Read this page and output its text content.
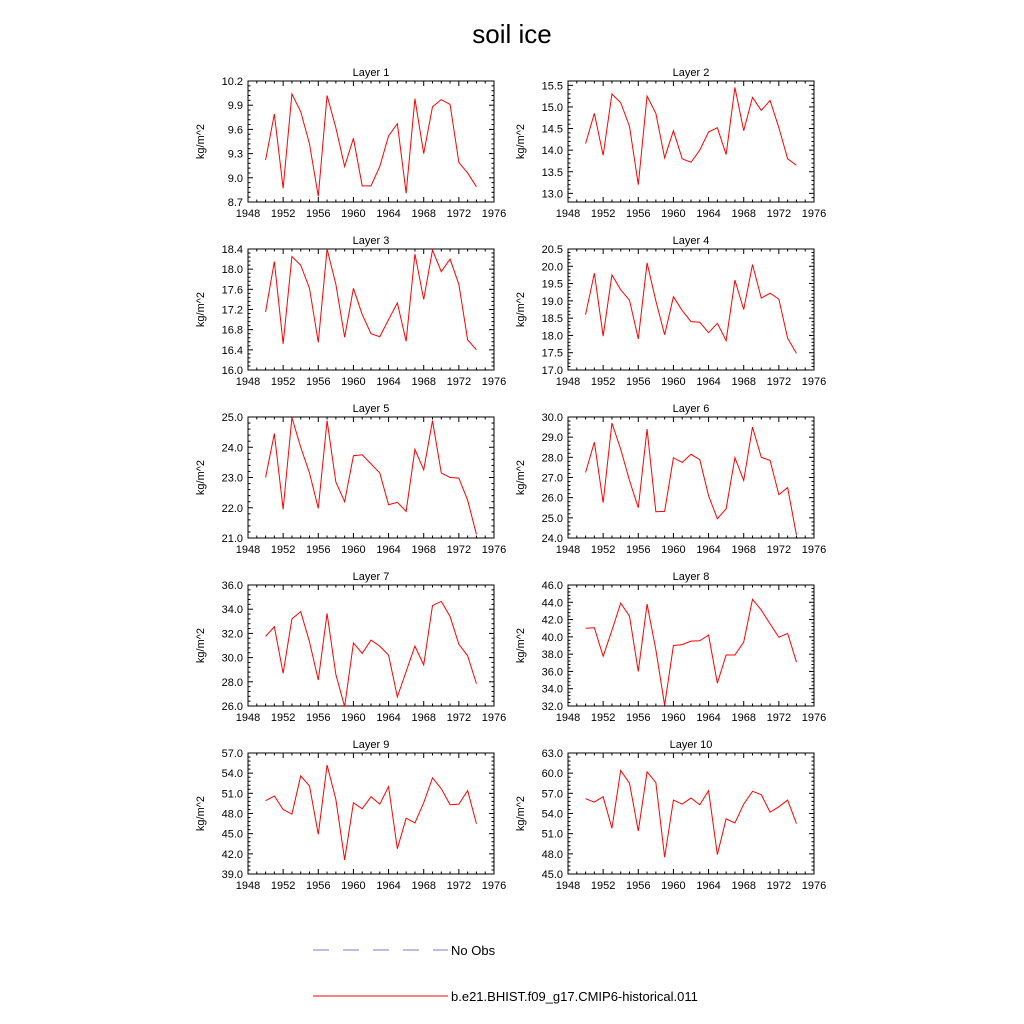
soil ice
Layer 1
kg/m^2
1948 1952 1956 1960 1964 1968 1972 1976
8.7
9.0
9.3
9.6
9.9
10.2
Layer 2
kg/m^2
1948 1952 1956 1960 1964 1968 1972 1976
13.0
13.5
14.0
14.5
15.0
15.5
Layer 3
kg/m^2
1948 1952 1956 1960 1964 1968 1972 1976
16.0
16.4
16.8
17.2
17.6
18.0
18.4
Layer 4
kg/m^2
1948 1952 1956 1960 1964 1968 1972 1976
17.0
17.5
18.0
18.5
19.0
19.5
20.0
20.5
Layer 5
kg/m^2
1948 1952 1956 1960 1964 1968 1972 1976
21.0
22.0
23.0
24.0
25.0
Layer 6
kg/m^2
1948 1952 1956 1960 1964 1968 1972 1976
24.0
25.0
26.0
27.0
28.0
29.0
30.0
Layer 7
kg/m^2
1948 1952 1956 1960 1964 1968 1972 1976
26.0
28.0
30.0
32.0
34.0
36.0
Layer 8
kg/m^2
1948 1952 1956 1960 1964 1968 1972 1976
32.0
34.0
36.0
38.0
40.0
42.0
44.0
46.0
Layer 9
kg/m^2
1948 1952 1956 1960 1964 1968 1972 1976
39.0
42.0
45.0
48.0
51.0
54.0
57.0
Layer 10
kg/m^2
1948 1952 1956 1960 1964 1968 1972 1976
45.0
48.0
51.0
54.0
57.0
60.0
63.0
No Obs
b.e21.BHIST.f09_g17.CMIP6-historical.011
